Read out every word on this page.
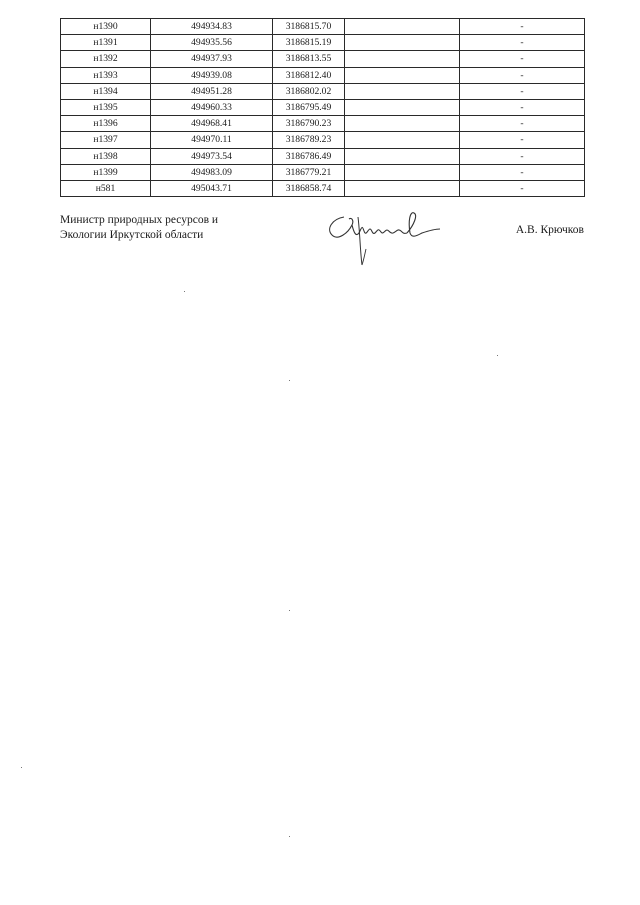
н1390	494934.83	3186815.70		-
н1391	494935.56	3186815.19		-
н1392	494937.93	3186813.55		-
н1393	494939.08	3186812.40		-
н1394	494951.28	3186802.02		-
н1395	494960.33	3186795.49		-
н1396	494968.41	3186790.23		-
н1397	494970.11	3186789.23		-
н1398	494973.54	3186786.49		-
н1399	494983.09	3186779.21		-
н581	495043.71	3186858.74		-
Министр природных ресурсов и
Экологии Иркутской области	А.В. Крючков
